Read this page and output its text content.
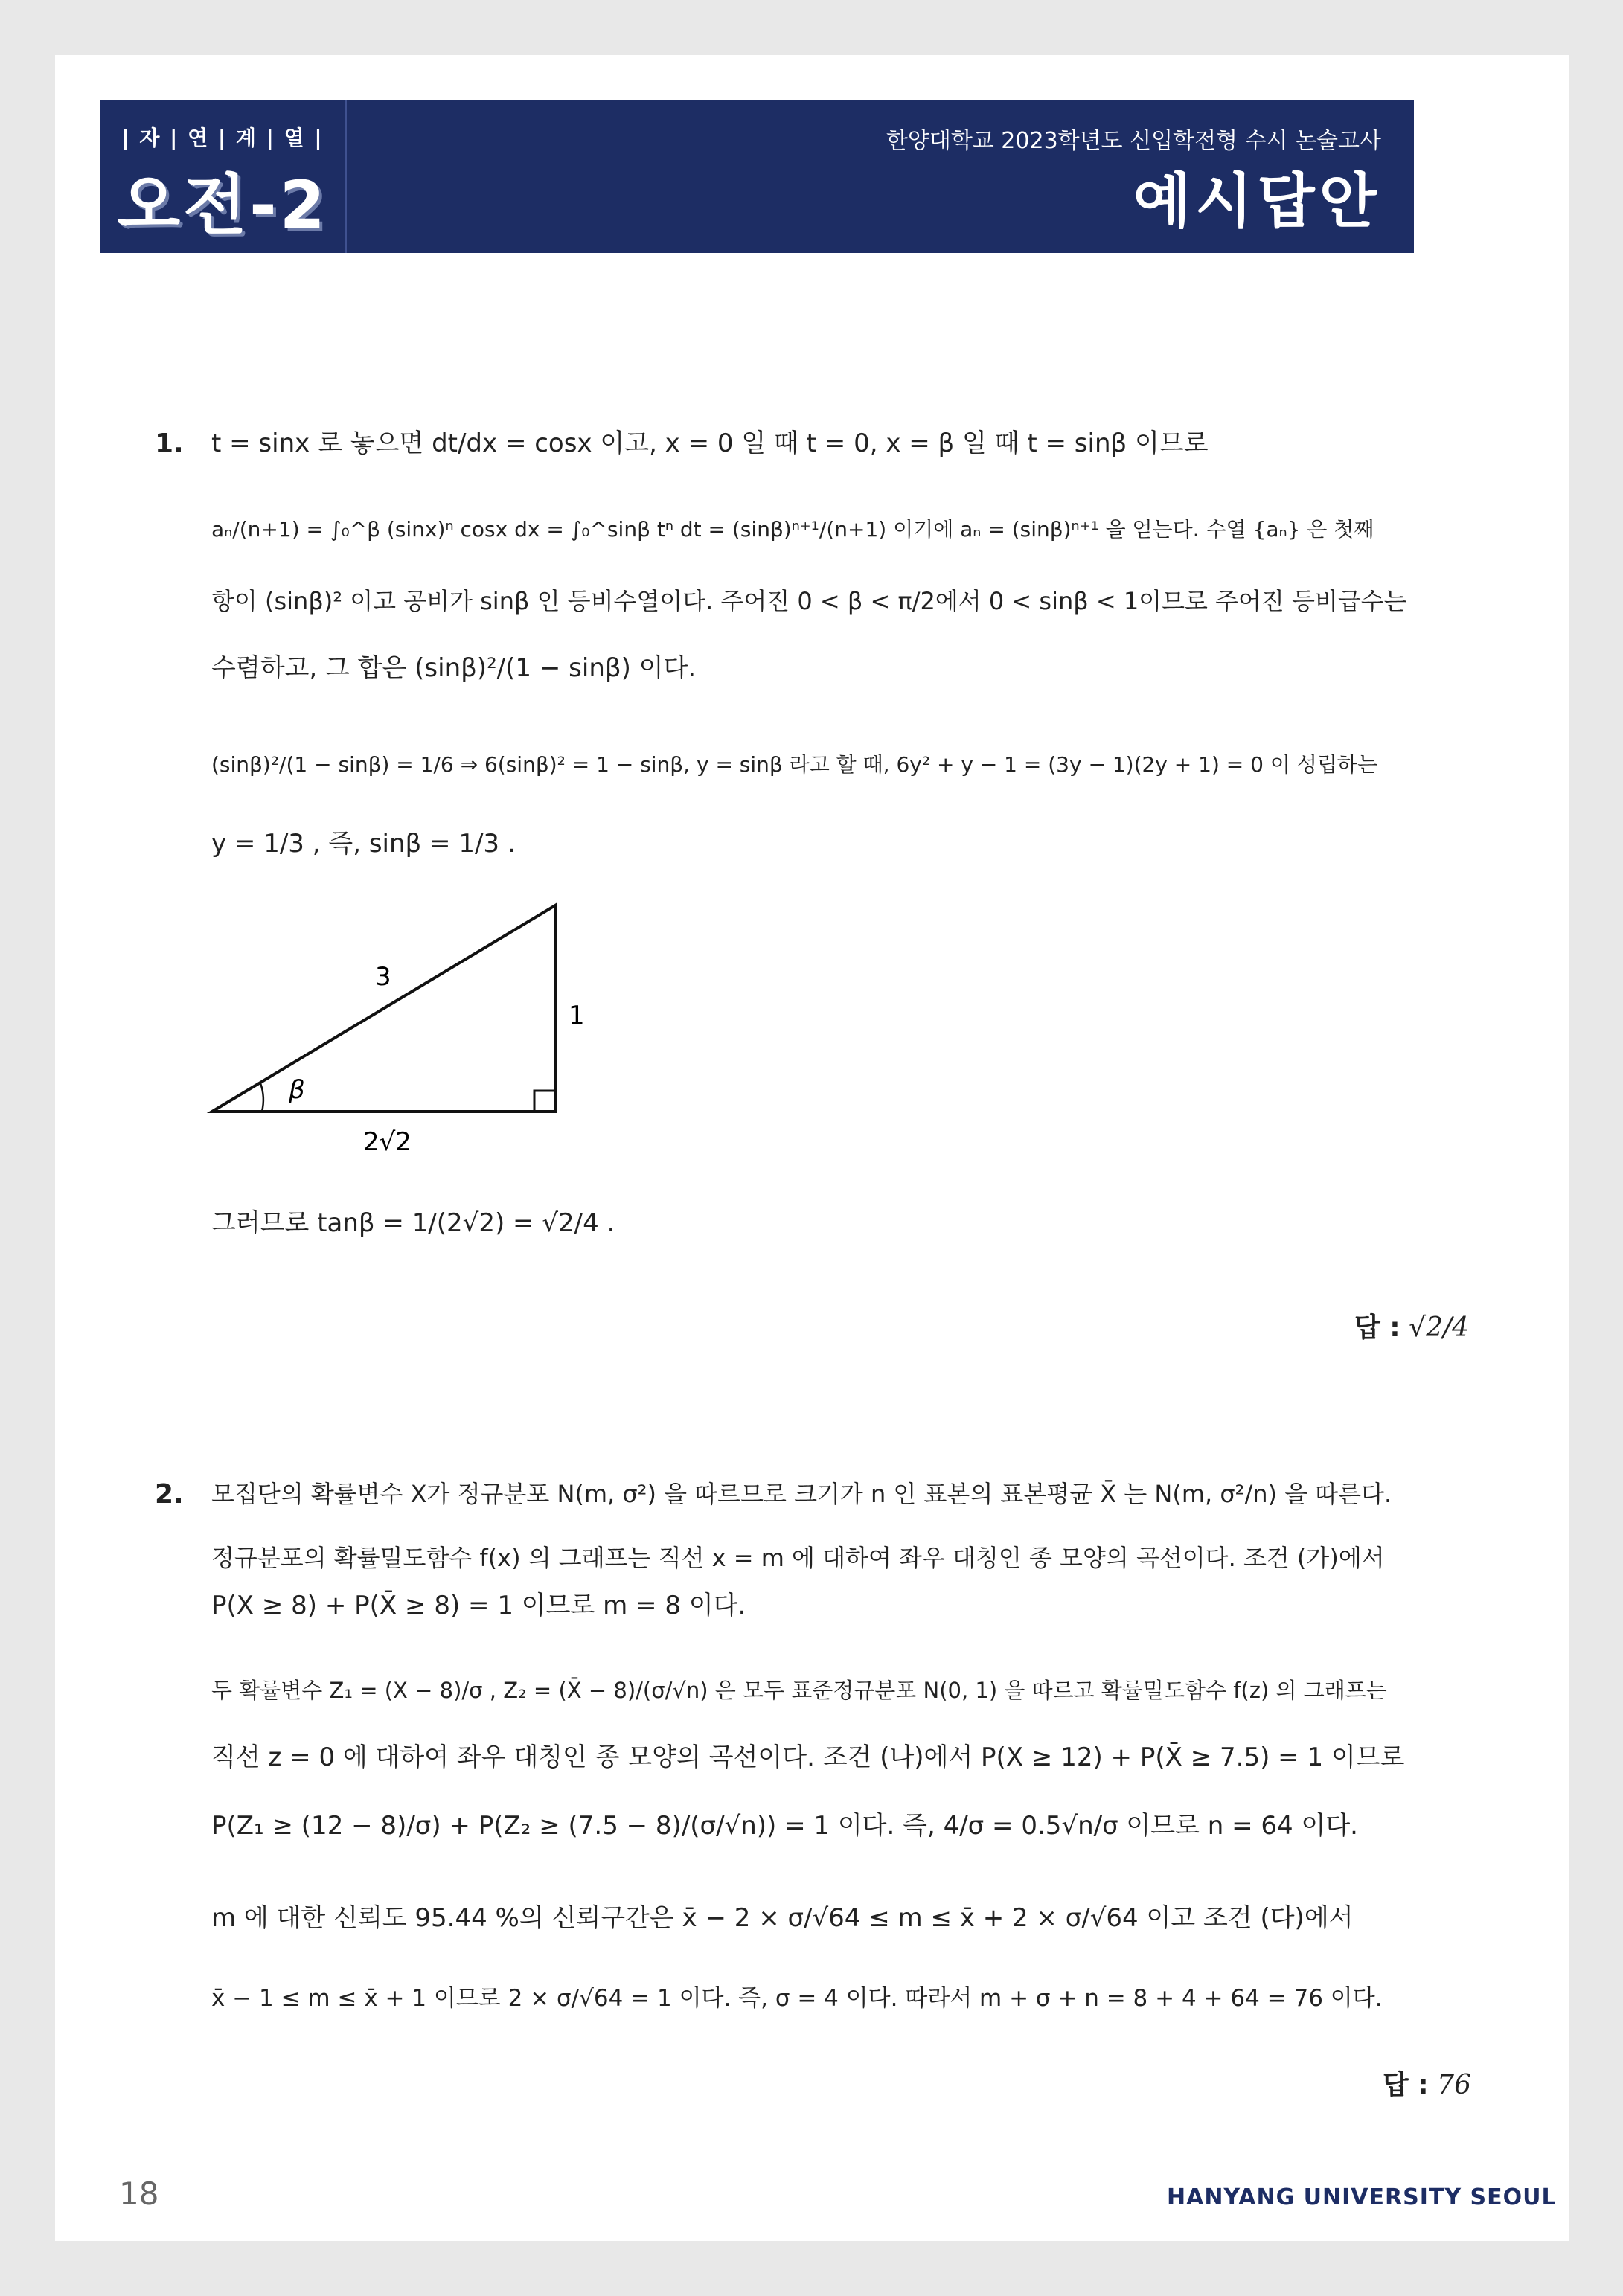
| 자 | 연 | 계 | 열 |
오전-2
한양대학교 2023학년도 신입학전형 수시 논술고사
예시답안
1. t = sinx 로 놓으면 dt/dx = cosx 이고, x = 0 일 때 t = 0, x = β 일 때 t = sinβ 이므로
aₙ/(n+1) = ∫₀^β (sinx)ⁿ cosx dx = ∫₀^sinβ tⁿ dt = (sinβ)ⁿ⁺¹/(n+1) 이기에 aₙ = (sinβ)ⁿ⁺¹ 을 얻는다. 수열 {aₙ} 은 첫째
항이 (sinβ)² 이고 공비가 sinβ 인 등비수열이다. 주어진 0 < β < π/2에서 0 < sinβ < 1이므로 주어진 등비급수는
수렴하고, 그 합은 (sinβ)²/(1 − sinβ) 이다.
(sinβ)²/(1 − sinβ) = 1/6 ⇒ 6(sinβ)² = 1 − sinβ, y = sinβ 라고 할 때, 6y² + y − 1 = (3y − 1)(2y + 1) = 0 이 성립하는
y = 1/3 , 즉, sinβ = 1/3 .
3
1
2√2
β
그러므로 tanβ = 1/(2√2) = √2/4 .
답 : √2/4
2. 모집단의 확률변수 X가 정규분포 N(m, σ²) 을 따르므로 크기가 n 인 표본의 표본평균 X̄ 는 N(m, σ²/n) 을 따른다.
정규분포의 확률밀도함수 f(x) 의 그래프는 직선 x = m 에 대하여 좌우 대칭인 종 모양의 곡선이다. 조건 (가)에서
P(X ≥ 8) + P(X̄ ≥ 8) = 1 이므로 m = 8 이다.
두 확률변수 Z₁ = (X − 8)/σ , Z₂ = (X̄ − 8)/(σ/√n) 은 모두 표준정규분포 N(0, 1) 을 따르고 확률밀도함수 f(z) 의 그래프는
직선 z = 0 에 대하여 좌우 대칭인 종 모양의 곡선이다. 조건 (나)에서 P(X ≥ 12) + P(X̄ ≥ 7.5) = 1 이므로
P(Z₁ ≥ (12 − 8)/σ) + P(Z₂ ≥ (7.5 − 8)/(σ/√n)) = 1 이다. 즉, 4/σ = 0.5√n/σ 이므로 n = 64 이다.
m 에 대한 신뢰도 95.44 %의 신뢰구간은 x̄ − 2 × σ/√64 ≤ m ≤ x̄ + 2 × σ/√64 이고 조건 (다)에서
x̄ − 1 ≤ m ≤ x̄ + 1 이므로 2 × σ/√64 = 1 이다. 즉, σ = 4 이다. 따라서 m + σ + n = 8 + 4 + 64 = 76 이다.
답 : 76
18	HANYANG UNIVERSITY SEOUL
